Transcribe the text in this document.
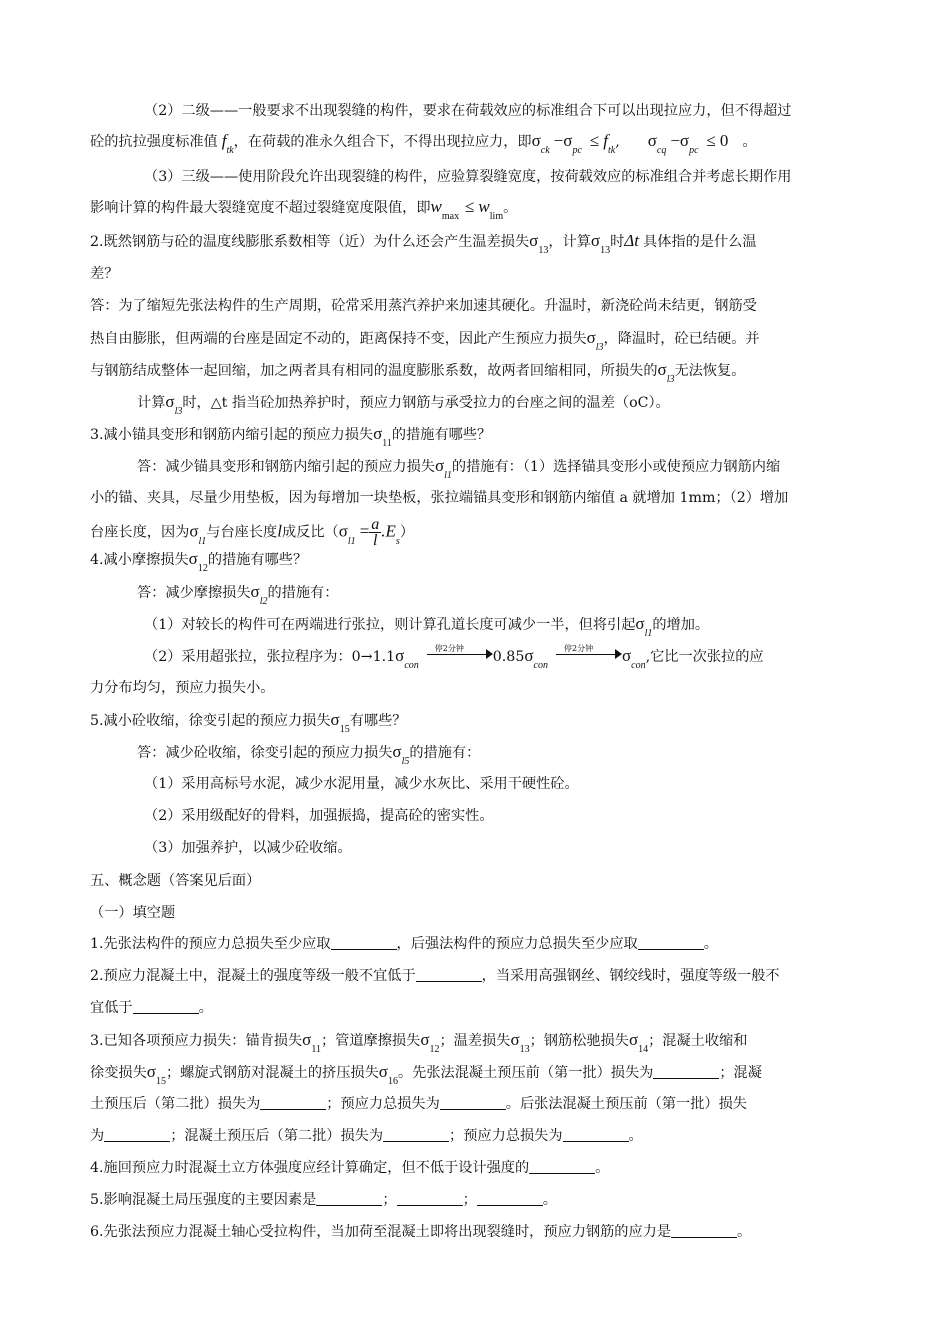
（2）二级——一般要求不出现裂缝的构件，要求在荷载效应的标准组合下可以出现拉应力，但不得超过
砼的抗拉强度标准值 $f_{tk}$，在荷载的准永久组合下，不得出现拉应力，即$\sigma_{ck}-\sigma_{pc}\le f_{tk}$, $\sigma_{cq}-\sigma_{pc}\le 0$ 。
（3）三级——使用阶段允许出现裂缝的构件，应验算裂缝宽度，按荷载效应的标准组合并考虑长期作用
影响计算的构件最大裂缝宽度不超过裂缝宽度限值，即$w_{max}\le w_{lim}$。
2.既然钢筋与砼的温度线膨胀系数相等（近）为什么还会产生温差损失$\sigma_{13}$，计算$\sigma_{13}$时Δt 具体指的是什么温
差？
答：为了缩短先张法构件的生产周期，砼常采用蒸汽养护来加速其硬化。升温时，新浇砼尚未结更，钢筋受
热自由膨胀，但两端的台座是固定不动的，距离保持不变，因此产生预应力损失$\sigma_{l3}$，降温时，砼已结硬。并
与钢筋结成整体一起回缩，加之两者具有相同的温度膨胀系数，故两者回缩相同，所损失的$\sigma_{l3}$无法恢复。
计算$\sigma_{l3}$时，△t 指当砼加热养护时，预应力钢筋与承受拉力的台座之间的温差（oC）。
3.减小锚具变形和钢筋内缩引起的预应力损失$\sigma_{11}$的措施有哪些？
答：减少锚具变形和钢筋内缩引起的预应力损失$\sigma_{l1}$的措施有：（1）选择锚具变形小或使预应力钢筋内缩
小的锚、夹具，尽量少用垫板，因为每增加一块垫板，张拉端锚具变形和钢筋内缩值 a 就增加 1mm；（2）增加
台座长度，因为$\sigma_{l1}$与台座长度l成反比$(\sigma_{l1}= \frac{a}{l} .E_s)$
4.减小摩擦损失$\sigma_{12}$的措施有哪些？
答：减少摩擦损失$\sigma_{l2}$的措施有：
（1）对较长的构件可在两端进行张拉，则计算孔道长度可减少一半，但将引起$\sigma_{l1}$的增加。
（2）采用超张拉，张拉程序为：$0\to 1.1\sigma_{con}$
停2分钟
$0.85\sigma_{con}$
停2分钟 $\sigma_{con}$,它比一次张拉的应
力分布均匀，预应力损失小。
5.减小砼收缩，徐变引起的预应力损失$\sigma_{15}$有哪些？
答：减少砼收缩，徐变引起的预应力损失$\sigma_{l5}$的措施有：
（1）采用高标号水泥，减少水泥用量，减少水灰比、采用干硬性砼。
（2）采用级配好的骨料，加强振捣，提高砼的密实性。
（3）加强养护，以减少砼收缩。
五、概念题（答案见后面）
（一）填空题
1.先张法构件的预应力总损失至少应取	，后强法构件的预应力总损失至少应取	。
2.预应力混凝土中，混凝土的强度等级一般不宜低于	，当采用高强钢丝、钢绞线时，强度等级一般不
宜低于	。
3.已知各项预应力损失：锚肯损失$\sigma_{11}$；管道摩擦损失$\sigma_{12}$；温差损失$\sigma_{13}$；钢筋松驰损失$\sigma_{14}$；混凝土收缩和
徐变损失$\sigma_{15}$；螺旋式钢筋对混凝土的挤压损失$\sigma_{16}$。先张法混凝土预压前（第一批）损失为	；混凝
土预压后（第二批）损失为	；预应力总损失为	。后张法混凝土预压前（第一批）损失
为	；混凝土预压后（第二批）损失为	；预应力总损失为	。
4.施回预应力时混凝土立方体强度应经计算确定，但不低于设计强度的	。
5.影响混凝土局压强度的主要因素是	；	；	。
6.先张法预应力混凝土轴心受拉构件，当加荷至混凝土即将出现裂缝时，预应力钢筋的应力是	。
